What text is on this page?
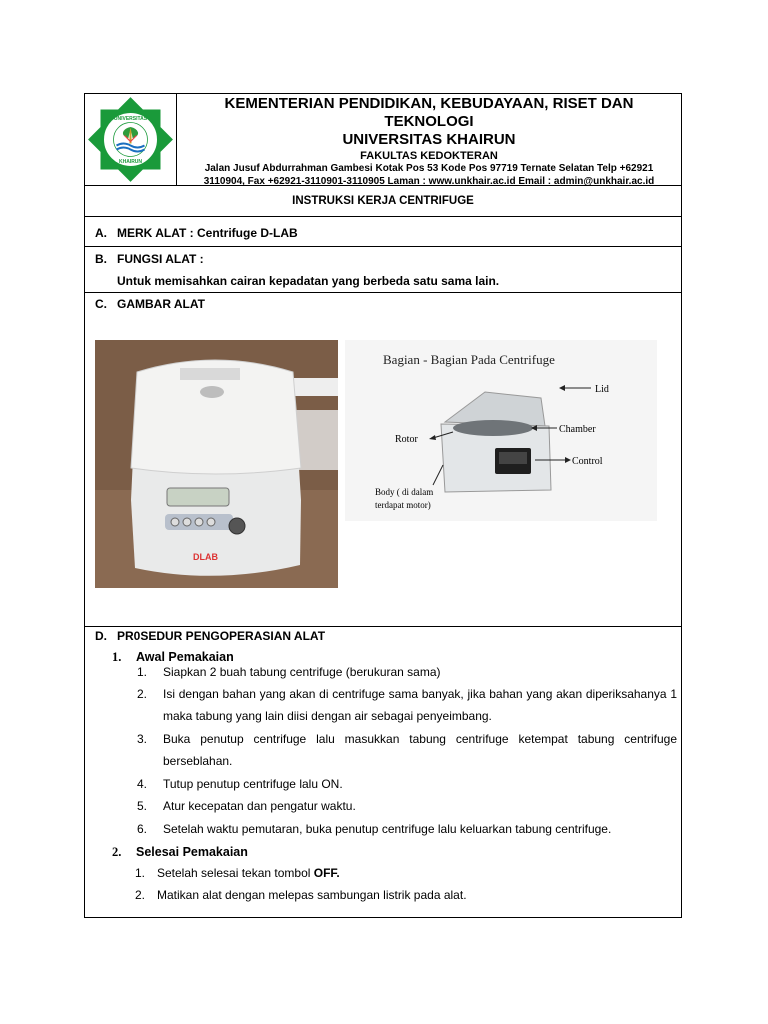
UNIVERSITAS
KHAIRUN
KEMENTERIAN PENDIDIKAN, KEBUDAYAAN, RISET DAN
TEKNOLOGI
UNIVERSITAS KHAIRUN
FAKULTAS KEDOKTERAN
Jalan Jusuf Abdurrahman Gambesi Kotak Pos 53 Kode Pos 97719 Ternate Selatan Telp +62921
3110904, Fax +62921-3110901-3110905 Laman : www.unkhair.ac.id Email : admin@unkhair.ac.id
INSTRUKSI KERJA CENTRIFUGE
A. MERK ALAT : Centrifuge D-LAB
B. FUNGSI ALAT :
Untuk memisahkan cairan kepadatan yang berbeda satu sama lain.
C. GAMBAR ALAT
DLAB
Bagian - Bagian Pada Centrifuge
Lid
Chamber
Rotor
Control
Body ( di dalam
terdapat motor)
D. PR0SEDUR PENGOPERASIAN ALAT
1. Awal Pemakaian
1.	Siapkan 2 buah tabung centrifuge (berukuran sama)
2.	Isi dengan bahan yang akan di centrifuge sama banyak, jika bahan yang akan diperiksahanya 1 maka tabung yang lain diisi dengan air sebagai penyeimbang.
3.	Buka penutup centrifuge lalu masukkan tabung centrifuge ketempat tabung centrifuge berseblahan.
4.	Tutup penutup centrifuge lalu ON.
5.	Atur kecepatan dan pengatur waktu.
6.	Setelah waktu pemutaran, buka penutup centrifuge lalu keluarkan tabung centrifuge.
2. Selesai Pemakaian
1. Setelah selesai tekan tombol OFF.
2. Matikan alat dengan melepas sambungan listrik pada alat.
